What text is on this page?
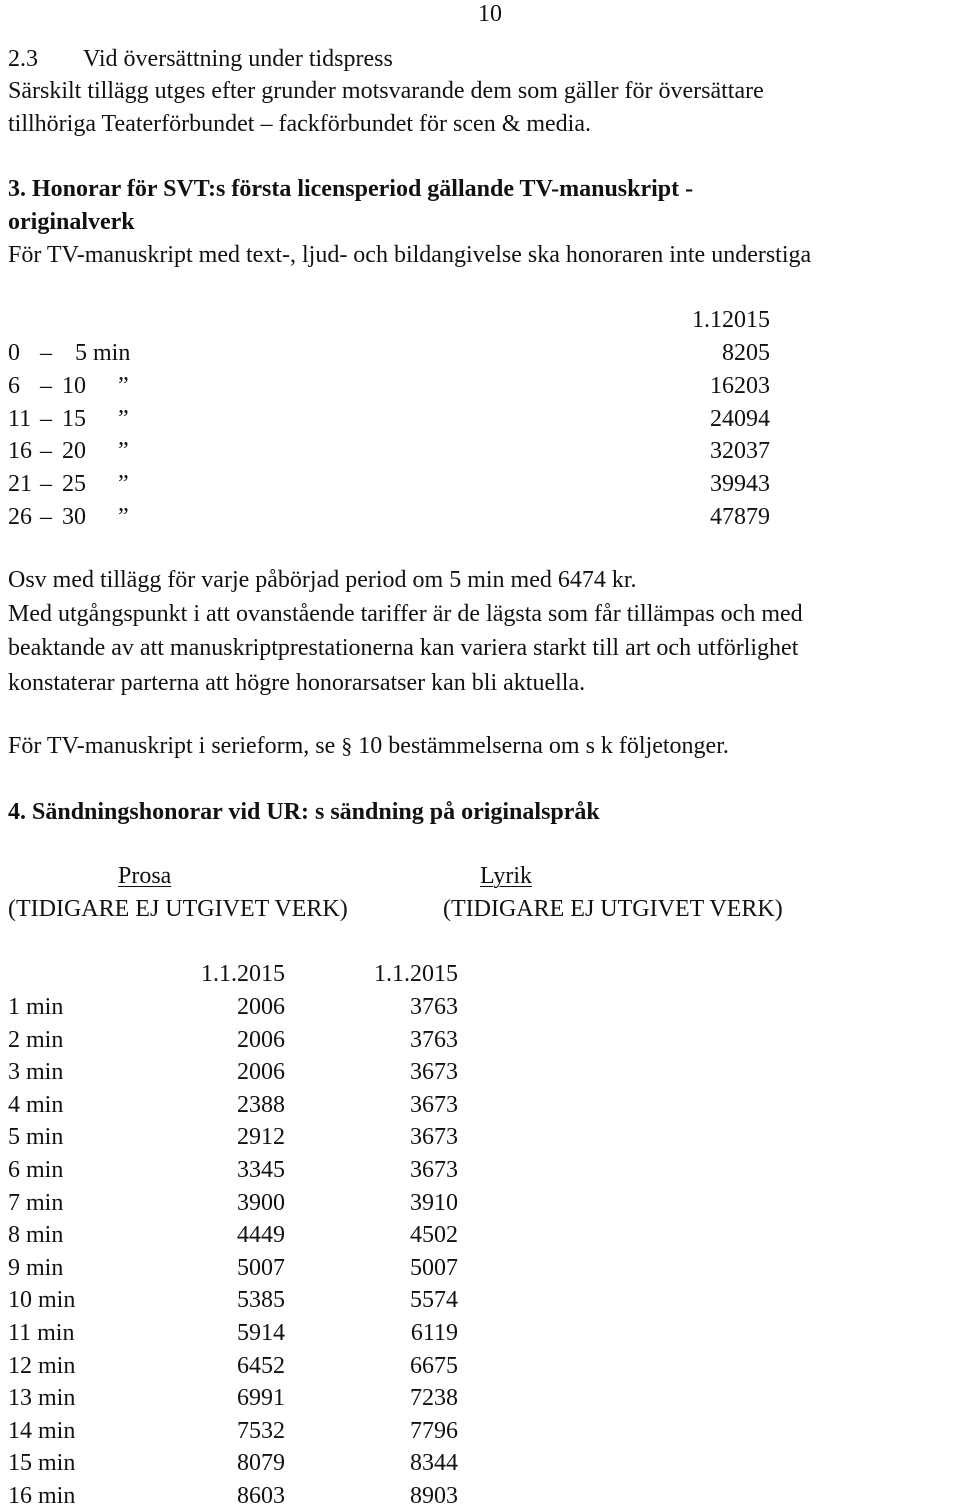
10
2.3 Vid översättning under tidspress
Särskilt tillägg utges efter grunder motsvarande dem som gäller för översättare
tillhöriga Teaterförbundet – fackförbundet för scen & media.
3. Honorar för SVT:s första licensperiod gällande TV-manuskript -
originalverk
För TV-manuskript med text-, ljud- och bildangivelse ska honoraren inte understiga
1.12015
0 – 5 min	8205
6 – 10 ”	16203
11 – 15 ”	24094
16 – 20 ”	32037
21 – 25 ”	39943
26 – 30 ”	47879
Osv med tillägg för varje påbörjad period om 5 min med 6474 kr.
Med utgångspunkt i att ovanstående tariffer är de lägsta som får tillämpas och med
beaktande av att manuskriptprestationerna kan variera starkt till art och utförlighet
konstaterar parterna att högre honorarsatser kan bli aktuella.
För TV-manuskript i serieform, se § 10 bestämmelserna om s k följetonger.
4. Sändningshonorar vid UR: s sändning på originalspråk
Prosa	Lyrik
(TIDIGARE EJ UTGIVET VERK)	(TIDIGARE EJ UTGIVET VERK)
1.1.2015	1.1.2015
1 min	2006	3763
2 min	2006	3763
3 min	2006	3673
4 min	2388	3673
5 min	2912	3673
6 min	3345	3673
7 min	3900	3910
8 min	4449	4502
9 min	5007	5007
10 min	5385	5574
11 min	5914	6119
12 min	6452	6675
13 min	6991	7238
14 min	7532	7796
15 min	8079	8344
16 min	8603	8903
